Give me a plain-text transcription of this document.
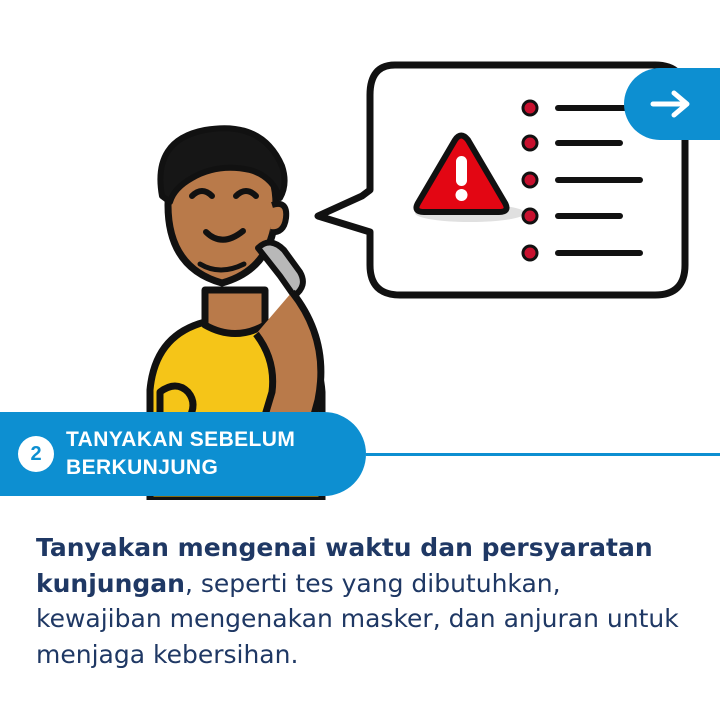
2
TANYAKAN SEBELUM
BERKUNJUNG

Tanyakan mengenai waktu dan persyaratan kunjungan, seperti tes yang dibutuhkan, kewajiban mengenakan masker, dan anjuran untuk menjaga kebersihan.
